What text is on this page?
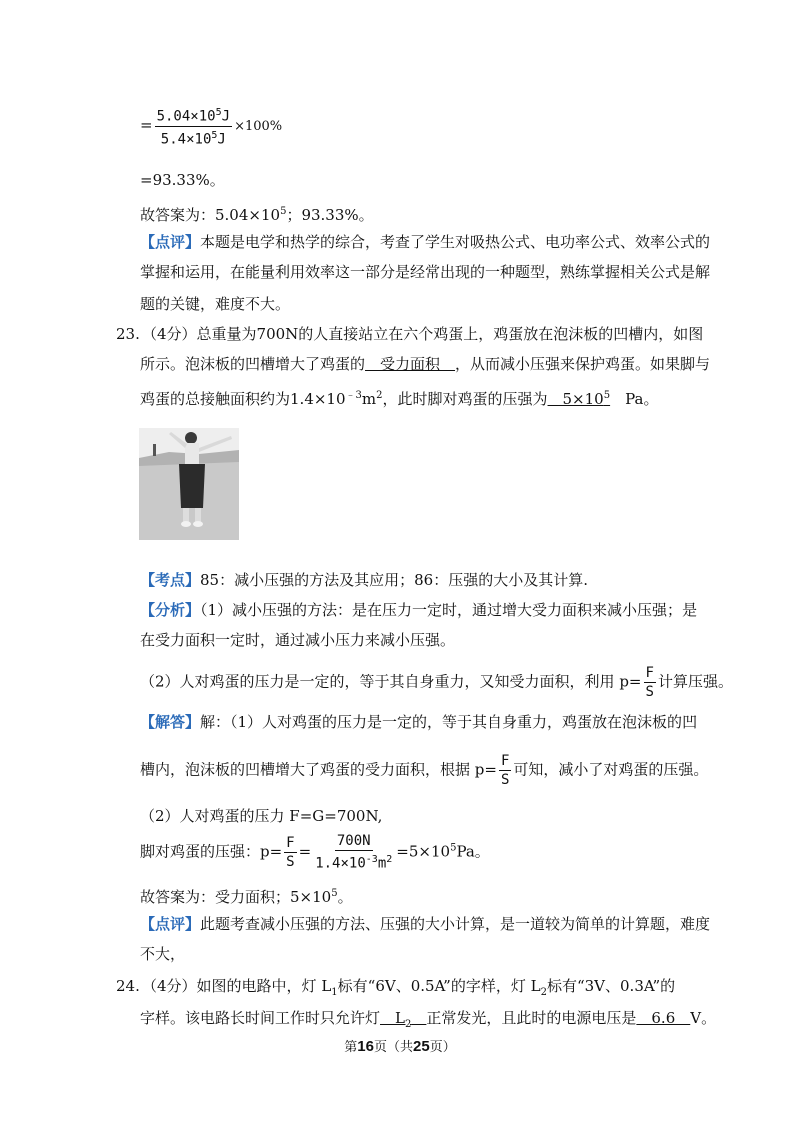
= $\frac{5.04\times 10^5J}{5.4\times 10^5J} \times 100\%$
=93.33%。
故答案为：$5.04\times 10^5$；93.33%。
【点评】本题是电学和热学的综合，考查了学生对吸热公式、电功率公式、效率公式的
掌握和运用，在能量利用效率这一部分是经常出现的一种题型，熟练掌握相关公式是解
题的关键，难度不大。
23. （4分）总重量为700N的人直接站立在六个鸡蛋上，鸡蛋放在泡沫板的凹槽内，如图
所示。泡沫板的凹槽增大了鸡蛋的　受力面积　，从而减小压强来保护鸡蛋。如果脚与
鸡蛋的总接触面积约为$1.4\times 10^{﹣3}m^2$，此时脚对鸡蛋的压强为　$5\times 10^5$　Pa。
【考点】85：减小压强的方法及其应用；86：压强的大小及其计算.
【分析】（1）减小压强的方法：是在压力一定时，通过增大受力面积来减小压强；是
在受力面积一定时，通过减小压力来减小压强。
（2）人对鸡蛋的压力是一定的，等于其自身重力，又知受力面积，利用 $p= \frac{F}{S}$ 计算压强。
【解答】解：（1）人对鸡蛋的压力是一定的，等于其自身重力，鸡蛋放在泡沫板的凹
槽内，泡沫板的凹槽增大了鸡蛋的受力面积，根据 $p= \frac{F}{S}$ 可知，减小了对鸡蛋的压强。
（2）人对鸡蛋的压力 F=G=700N,
脚对鸡蛋的压强：$p= \frac{F}{S} = \frac{700N}{1.4\times 10^{-3}m^2} =5\times 10^5Pa$。
故答案为：受力面积；$5\times 10^5$。
【点评】此题考查减小压强的方法、压强的大小计算，是一道较为简单的计算题，难度
不大，
24. （4分）如图的电路中，灯 $L_1$标有“6V、0.5A”的字样，灯 $L_2$标有“3V、0.3A”的
字样。该电路长时间工作时只允许灯　$L_2$　 正常发光，且此时的电源电压是　6.6　V。
第16页（共25页）
